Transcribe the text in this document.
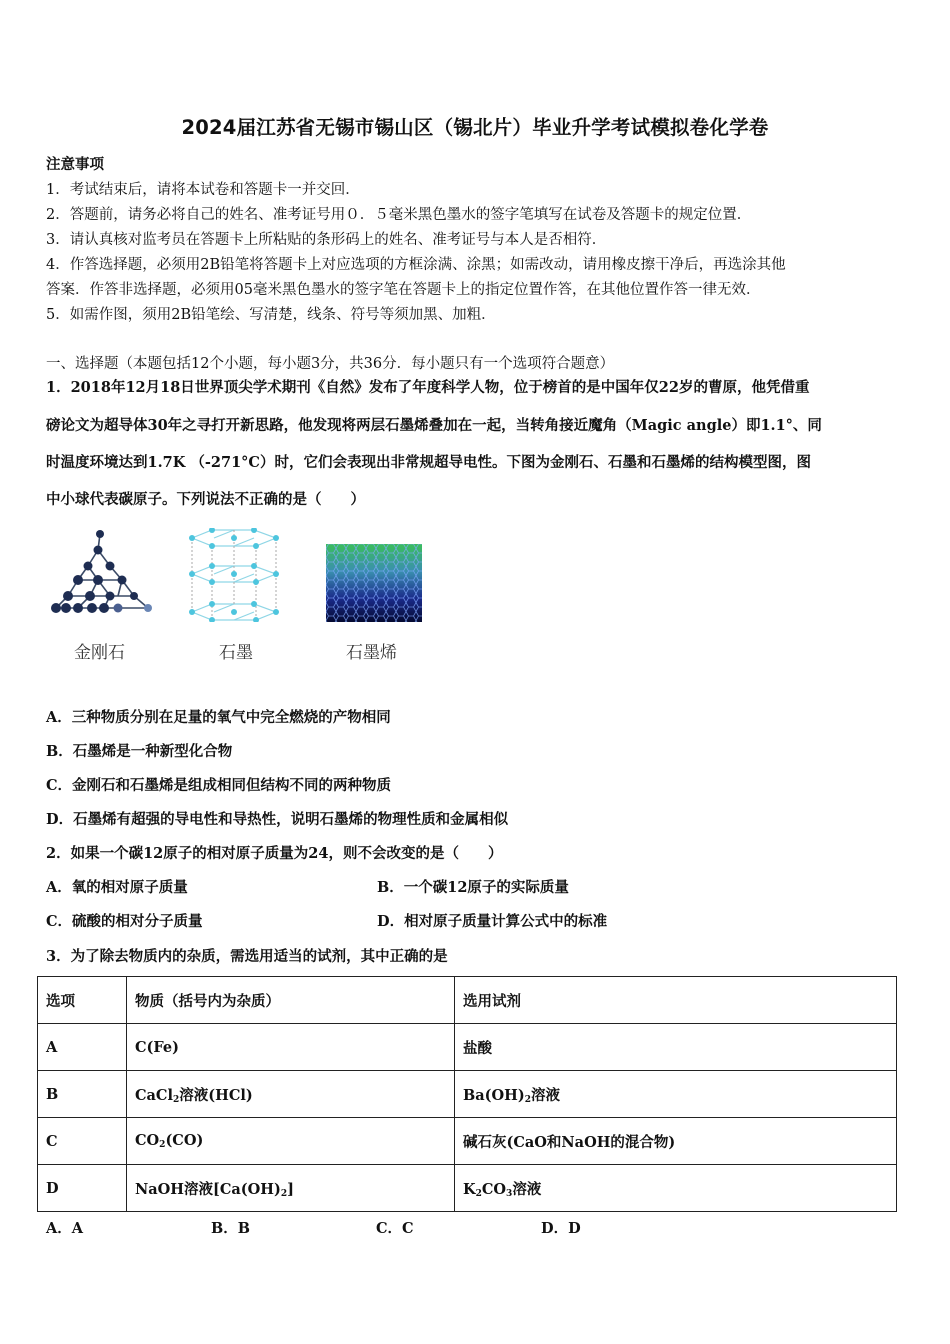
2024届江苏省无锡市锡山区（锡北片）毕业升学考试模拟卷化学卷
注意事项
1．考试结束后，请将本试卷和答题卡一并交回．
2．答题前，请务必将自己的姓名、准考证号用０．５毫米黑色墨水的签字笔填写在试卷及答题卡的规定位置．
3．请认真核对监考员在答题卡上所粘贴的条形码上的姓名、准考证号与本人是否相符．
4．作答选择题，必须用2B铅笔将答题卡上对应选项的方框涂满、涂黑；如需改动，请用橡皮擦干净后，再选涂其他
答案．作答非选择题，必须用05毫米黑色墨水的签字笔在答题卡上的指定位置作答，在其他位置作答一律无效．
5．如需作图，须用2B铅笔绘、写清楚，线条、符号等须加黑、加粗．
一、选择题（本题包括12个小题，每小题3分，共36分．每小题只有一个选项符合题意）
1．2018年12月18日世界顶尖学术期刊《自然》发布了年度科学人物，位于榜首的是中国年仅22岁的曹原，他凭借重
磅论文为超导体30年之寻打开新思路，他发现将两层石墨烯叠加在一起，当转角接近魔角（Magic angle）即1.1°、同
时温度环境达到1.7K （-271°C）时，它们会表现出非常规超导电性。下图为金刚石、石墨和石墨烯的结构模型图，图
中小球代表碳原子。下列说法不正确的是（　　）
金刚石	石墨	石墨烯
A．三种物质分别在足量的氧气中完全燃烧的产物相同
B．石墨烯是一种新型化合物
C．金刚石和石墨烯是组成相同但结构不同的两种物质
D．石墨烯有超强的导电性和导热性，说明石墨烯的物理性质和金属相似
2．如果一个碳12原子的相对原子质量为24，则不会改变的是（　　）
A．氧的相对原子质量	B．一个碳12原子的实际质量
C．硫酸的相对分子质量	D．相对原子质量计算公式中的标准
3．为了除去物质内的杂质，需选用适当的试剂，其中正确的是
选项	物质（括号内为杂质）	选用试剂
A	C(Fe)	盐酸
B	CaCl$_2$溶液(HCl)	$Ba(OH)_2$溶液
C	$CO_2(CO)$	碱石灰(CaO和NaOH的混合物)
D	NaOH溶液$[Ca(OH)_2]$	$K_2CO_3$溶液
A．A	B．B	C．C	D．D
